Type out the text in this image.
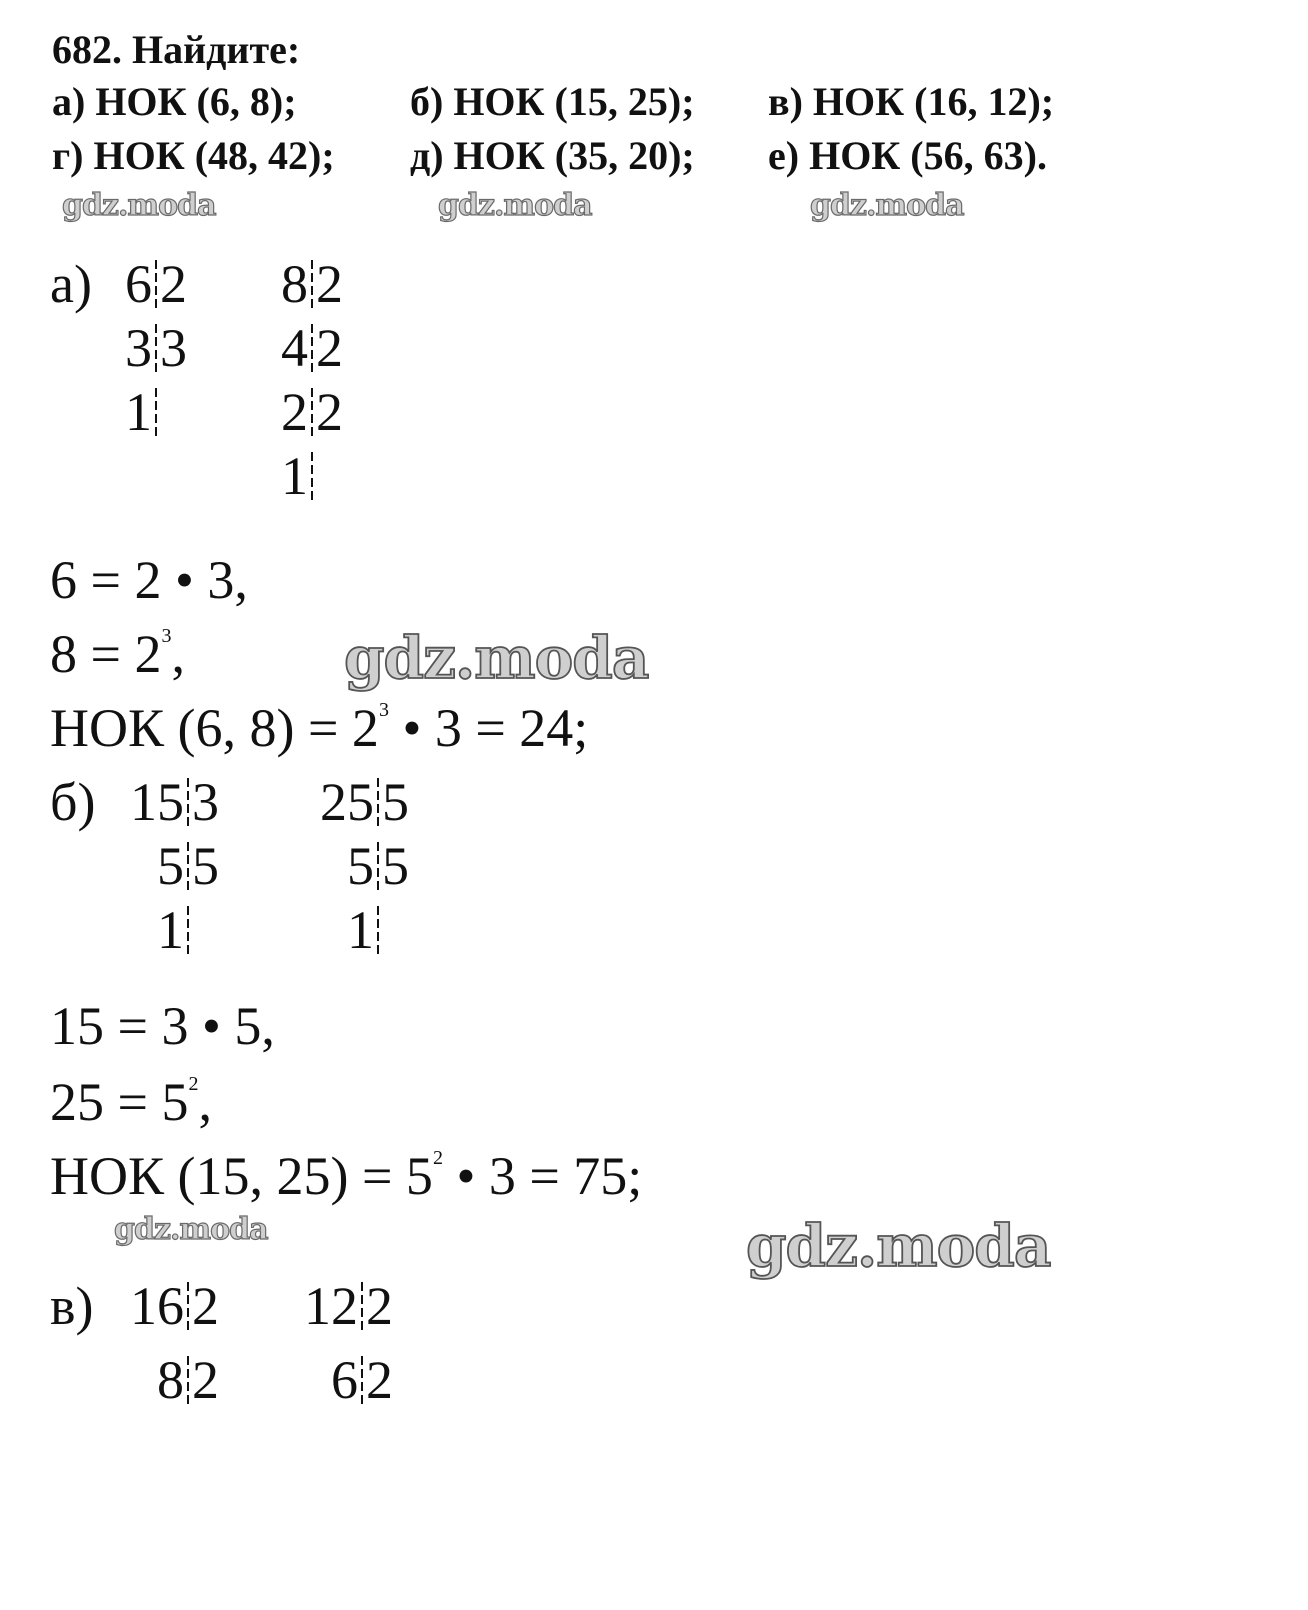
682. Найдите:
а) НОК (6, 8);	б) НОК (15, 25); в) НОК (16, 12);
г) НОК (48, 42); д) НОК (35, 20); е) НОК (56, 63).
gdz.moda	gdz.moda	gdz.moda
gdz.moda
gdz.moda	gdz.moda
а) 6 2
3 3
1
8 2
4 2
2 2
1
6 = 2 • 3,
$8 = 2^3$,
НОК (6, $8) = 2^3$ • 3 = 24;
б) 15 3
5 5
1
25 5
5 5
1
15 = 3 • 5,
$25 = 5^2$,
НОК (15, $25) = 5^2$ • 3 = 75;
в) 16 2
8 2
12 2
6 2
